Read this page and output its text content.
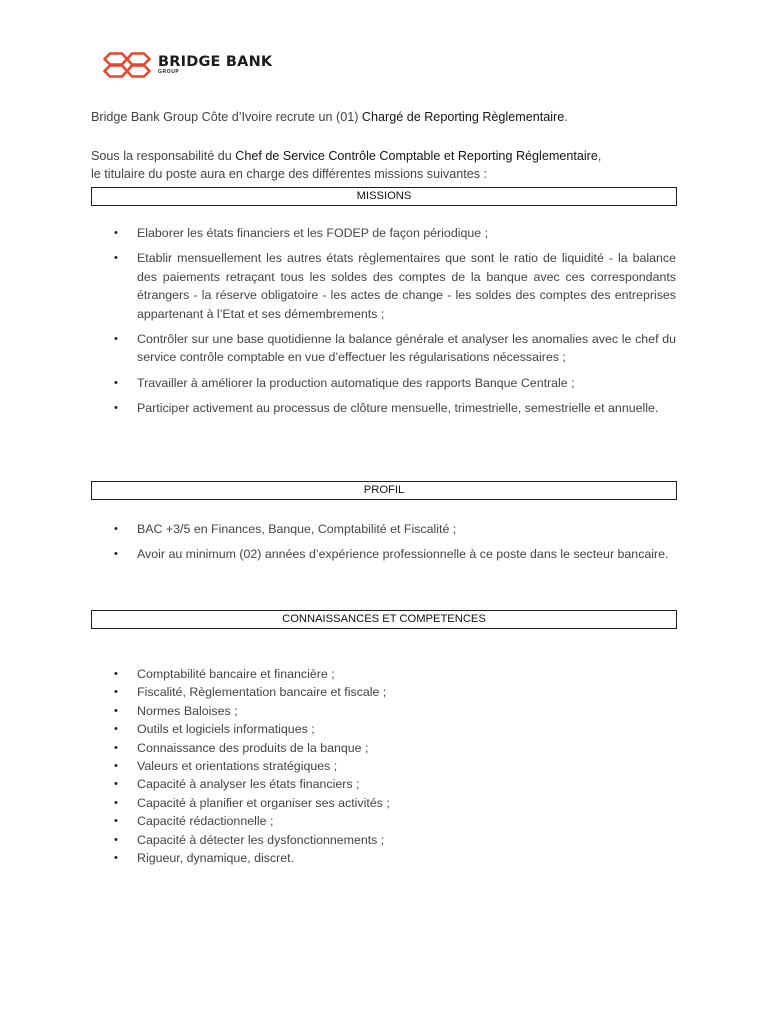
BRIDGE BANK
GROUP
Bridge Bank Group Côte d’Ivoire recrute un (01) Chargé de Reporting Règlementaire.
Sous la responsabilité du Chef de Service Contrôle Comptable et Reporting Réglementaire,
le titulaire du poste aura en charge des différentes missions suivantes :
MISSIONS
• Elaborer les états financiers et les FODEP de façon périodique ;
• Etablir mensuellement les autres états règlementaires que sont le ratio de liquidité - la balance des paiements retraçant tous les soldes des comptes de la banque avec ces correspondants étrangers - la réserve obligatoire - les actes de change - les soldes des comptes des entreprises appartenant à l’Etat et ses démembrements ;
• Contrôler sur une base quotidienne la balance générale et analyser les anomalies avec le chef du service contrôle comptable en vue d’effectuer les régularisations nécessaires ;
• Travailler à améliorer la production automatique des rapports Banque Centrale ;
• Participer activement au processus de clôture mensuelle, trimestrielle, semestrielle et annuelle.
PROFIL
• BAC +3/5 en Finances, Banque, Comptabilité et Fiscalité ;
• Avoir au minimum (02) années d’expérience professionnelle à ce poste dans le secteur bancaire.
CONNAISSANCES ET COMPETENCES
• Comptabilité bancaire et financière ;
• Fiscalité, Règlementation bancaire et fiscale ;
• Normes Baloises ;
• Outils et logiciels informatiques ;
• Connaissance des produits de la banque ;
• Valeurs et orientations stratégiques ;
• Capacité à analyser les états financiers ;
• Capacité à planifier et organiser ses activités ;
• Capacité rédactionnelle ;
• Capacité à détecter les dysfonctionnements ;
• Rigueur, dynamique, discret.
